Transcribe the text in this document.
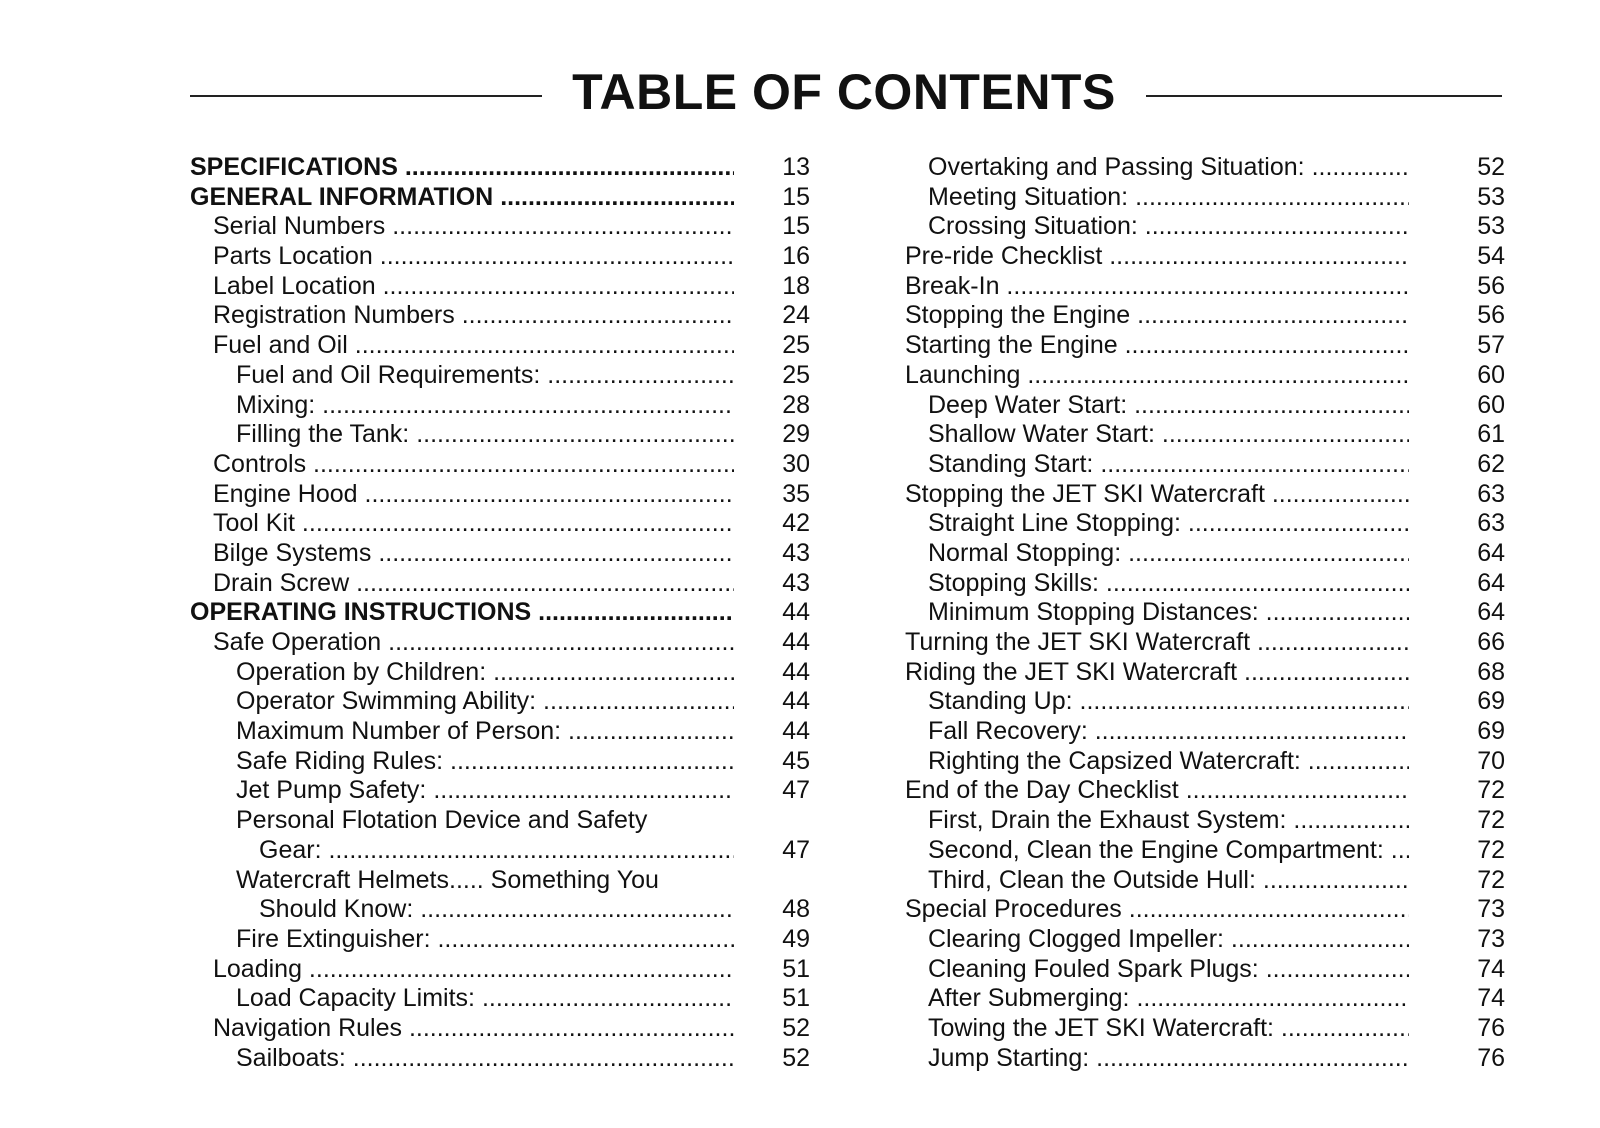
TABLE OF CONTENTS
SPECIFICATIONS .....	13
GENERAL INFORMATION .....	15
Serial Numbers .....	15
Parts Location .....	16
Label Location .....	18
Registration Numbers .....	24
Fuel and Oil .....	25
Fuel and Oil Requirements: .....	25
Mixing: .....	28
Filling the Tank: .....	29
Controls .....	30
Engine Hood .....	35
Tool Kit .....	42
Bilge Systems .....	43
Drain Screw .....	43
OPERATING INSTRUCTIONS .....	44
Safe Operation .....	44
Operation by Children: .....	44
Operator Swimming Ability: .....	44
Maximum Number of Person: .....	44
Safe Riding Rules: .....	45
Jet Pump Safety: .....	47
Personal Flotation Device and Safety
Gear: .....	47
Watercraft Helmets..... Something You
Should Know: .....	48
Fire Extinguisher: .....	49
Loading .....	51
Load Capacity Limits: .....	51
Navigation Rules .....	52
Sailboats: .....	52
Overtaking and Passing Situation: .....	52
Meeting Situation: .....	53
Crossing Situation: .....	53
Pre-ride Checklist .....	54
Break-In .....	56
Stopping the Engine .....	56
Starting the Engine .....	57
Launching .....	60
Deep Water Start: .....	60
Shallow Water Start: .....	61
Standing Start: .....	62
Stopping the JET SKI Watercraft .....	63
Straight Line Stopping: .....	63
Normal Stopping: .....	64
Stopping Skills: .....	64
Minimum Stopping Distances: .....	64
Turning the JET SKI Watercraft .....	66
Riding the JET SKI Watercraft .....	68
Standing Up: .....	69
Fall Recovery: .....	69
Righting the Capsized Watercraft: .....	70
End of the Day Checklist .....	72
First, Drain the Exhaust System: .....	72
Second, Clean the Engine Compartment: .....	72
Third, Clean the Outside Hull: .....	72
Special Procedures .....	73
Clearing Clogged Impeller: .....	73
Cleaning Fouled Spark Plugs: .....	74
After Submerging: .....	74
Towing the JET SKI Watercraft: .....	76
Jump Starting: .....	76
